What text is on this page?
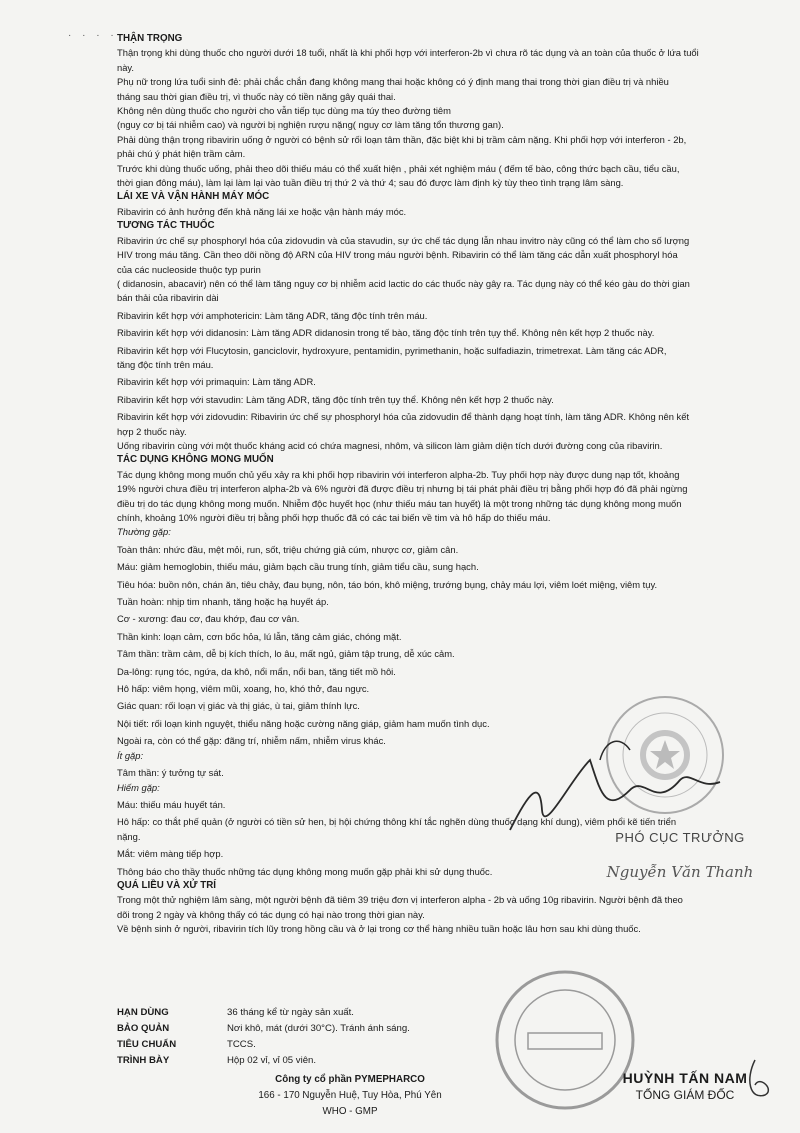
· · · · THẬN TRỌNG

Thận trọng khi dùng thuốc cho người dưới 18 tuổi, nhất là khi phối hợp với interferon-2b vì chưa rõ tác dụng và an toàn của thuốc ở lứa tuổi

này.

Phụ nữ trong lứa tuổi sinh đẻ: phải chắc chắn đang không mang thai hoặc không có ý định mang thai trong thời gian điều trị và nhiều

tháng sau thời gian điều trị, vì thuốc này có tiền năng gây quái thai.

Không nên dùng thuốc cho người cho vẫn tiếp tục dùng ma túy theo đường tiêm

(nguy cơ bị tái nhiễm cao) và người bị nghiện rượu nặng( nguy cơ làm tăng tổn thương gan).

Phải dùng thận trọng ribavirin uống ở người có bệnh sử rối loạn tâm thần, đặc biệt khi bị trầm cảm nặng. Khi phối hợp với interferon - 2b,

phải chú ý phát hiện trầm cảm.

Trước khi dùng thuốc uống, phải theo dõi thiếu máu có thể xuất hiện , phải xét nghiệm máu ( đếm tế bào, công thức bạch cầu, tiểu cầu,

thời gian đông máu), làm lại làm lại vào tuần điều trị thứ 2 và thứ 4; sau đó được làm định kỳ tùy theo tình trạng lâm sàng.

LÁI XE VÀ VẬN HÀNH MÁY MÓC

Ribavirin có ảnh hưởng đến khả năng lái xe hoặc vận hành máy móc.

TƯƠNG TÁC THUỐC

Ribavirin ức chế sự phosphoryl hóa của zidovudin và của stavudin, sự ức chế tác dụng lẫn nhau invitro này cũng có thể làm cho số lượng

HIV trong máu tăng. Cần theo dõi nồng độ ARN của HIV trong máu người bệnh. Ribavirin có thể làm tăng các dẫn xuất phosphoryl hóa

của các nucleoside thuộc typ purin

( didanosin, abacavir) nên có thể làm tăng nguy cơ bị nhiễm acid lactic do các thuốc này gây ra. Tác dụng này có thể kéo gàu do thời gian

bán thải của ribavirin dài

Ribavirin kết hợp với amphotericin: Làm tăng ADR, tăng độc tính trên máu.

Ribavirin kết hợp với didanosin: Làm tăng ADR didanosin trong tế bào, tăng độc tính trên tụy thể. Không nên kết hợp 2 thuốc này.

Ribavirin kết hợp với Flucytosin, ganciclovir, hydroxyure, pentamidin, pyrimethanin, hoặc sulfadiazin, trimetrexat. Làm tăng các ADR,

tăng độc tính trên máu.

Ribavirin kết hợp với primaquin: Làm tăng ADR.

Ribavirin kết hợp với stavudin: Làm tăng ADR, tăng độc tính trên tụy thể. Không nên kết hợp 2 thuốc này.

Ribavirin kết hợp với zidovudin: Ribavirin ức chế sự phosphoryl hóa của zidovudin để thành dạng hoạt tính, làm tăng ADR. Không nên kết

hợp 2 thuốc này.

Uống ribavirin cùng với một thuốc kháng acid có chứa magnesi, nhôm, và silicon làm giảm diện tích dưới đường cong của ribavirin.

TÁC DỤNG KHÔNG MONG MUỐN

Tác dụng không mong muốn chủ yếu xảy ra khi phối hợp ribavirin với interferon alpha-2b. Tuy phối hợp này được dung nạp tốt, khoảng

19% người chưa điều trị interferon alpha-2b và 6% người đã được điều trị nhưng bị tái phát phải điều trị bằng phối hợp đó đã phải ngừng

điều trị do tác dụng không mong muốn. Nhiễm độc huyết học (như thiếu máu tan huyết) là một trong những tác dụng không mong muốn

chính, khoảng 10% người điều trị bằng phối hợp thuốc đã có các tai biến về tim và hô hấp do thiếu máu.

Thường gặp:

Toàn thân: nhức đầu, mệt mỏi, run, sốt, triệu chứng giả cúm, nhược cơ, giảm cân.

Máu: giảm hemoglobin, thiếu máu, giảm bạch cầu trung tính, giảm tiểu cầu, sung hạch.

Tiêu hóa: buồn nôn, chán ăn, tiêu chảy, đau bụng, nôn, táo bón, khô miệng, trướng bụng, chảy máu lợi, viêm loét miệng, viêm tụy.

Tuần hoàn: nhịp tim nhanh, tăng hoặc hạ huyết áp.

Cơ - xương: đau cơ, đau khớp, đau cơ vân.

Thần kinh: loạn cảm, cơn bốc hỏa, lú lẫn, tăng cảm giác, chóng mặt.

Tâm thần: trầm cảm, dễ bị kích thích, lo âu, mất ngủ, giảm tập trung, dễ xúc cảm.

Da-lông: rụng tóc, ngứa, da khô, nổi mẩn, nổi ban, tăng tiết mồ hôi.

Hô hấp: viêm họng, viêm mũi, xoang, ho, khó thở, đau ngực.

Giác quan: rối loạn vị giác và thị giác, ù tai, giảm thính lực.

Nội tiết: rối loạn kinh nguyệt, thiểu năng hoặc cường năng giáp, giảm ham muốn tình dục.

Ngoài ra, còn có thể gặp: đãng trí, nhiễm nấm, nhiễm virus khác.

Ít gặp:

Tâm thần: ý tưởng tự sát.

Hiếm gặp:

Máu: thiếu máu huyết tán.

Hô hấp: co thắt phế quản (ở người có tiền sử hen, bị hội chứng thông khí tắc nghẽn dùng thuốc dạng khí dung), viêm phổi kẽ tiến triển

nặng.

Mắt: viêm màng tiếp hợp.

Thông báo cho thầy thuốc những tác dụng không mong muốn gặp phải khi sử dụng thuốc.

QUÁ LIỀU VÀ XỬ TRÍ

Trong một thử nghiệm lâm sàng, một người bệnh đã tiêm 39 triệu đơn vị interferon alpha - 2b và uống 10g ribavirin. Người bệnh đã theo

dõi trong 2 ngày và không thấy có tác dụng có hại nào trong thời gian này.

Về bệnh sinh ở người, ribavirin tích lũy trong hồng cầu và ở lại trong cơ thể hàng nhiều tuần hoặc lâu hơn sau khi dùng thuốc.

PHÓ CỤC TRƯỞNG
Nguyễn Văn Thanh
HẠN DÙNG	36 tháng kể từ ngày sản xuất.
BẢO QUẢN	Nơi khô, mát (dưới 30°C). Tránh ánh sáng.
TIÊU CHUẨN	TCCS.
TRÌNH BÀY	Hộp 02 vỉ, vỉ 05 viên.
Công ty cổ phần PYMEPHARCO
166 - 170 Nguyễn Huệ, Tuy Hòa, Phú Yên
WHO - GMP
HUỲNH TẤN NAM
TỔNG GIÁM ĐỐC
